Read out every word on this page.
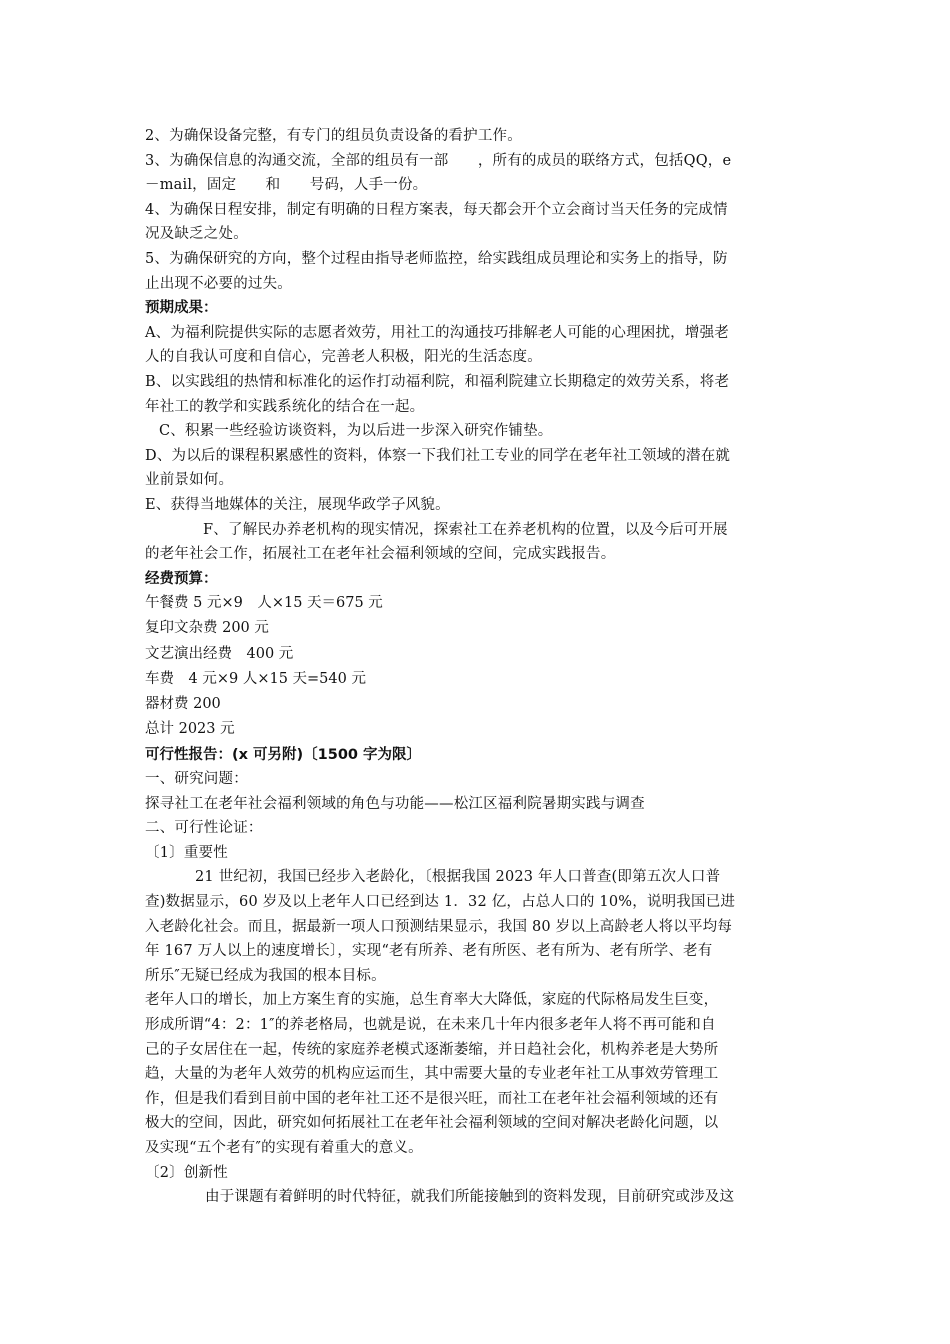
2、为确保设备完整，有专门的组员负责设备的看护工作。
3、为确保信息的沟通交流，全部的组员有一部　　，所有的成员的联络方式，包括QQ，e
－mail，固定　　和　　号码，人手一份。
4、为确保日程安排，制定有明确的日程方案表，每天都会开个立会商讨当天任务的完成情
况及缺乏之处。
5、为确保研究的方向，整个过程由指导老师监控，给实践组成员理论和实务上的指导，防
止出现不必要的过失。
预期成果：
A、为福利院提供实际的志愿者效劳，用社工的沟通技巧排解老人可能的心理困扰，增强老
人的自我认可度和自信心，完善老人积极，阳光的生活态度。
B、以实践组的热情和标准化的运作打动福利院，和福利院建立长期稳定的效劳关系，将老
年社工的教学和实践系统化的结合在一起。
C、积累一些经验访谈资料，为以后进一步深入研究作铺垫。
D、为以后的课程积累感性的资料，体察一下我们社工专业的同学在老年社工领域的潜在就
业前景如何。
E、获得当地媒体的关注，展现华政学子风貌。
F、了解民办养老机构的现实情况，探索社工在养老机构的位置，以及今后可开展
的老年社会工作，拓展社工在老年社会福利领域的空间，完成实践报告。
经费预算：
午餐费 5 元×9　人×15 天＝675 元
复印文杂费 200 元
文艺演出经费　400 元
车费　4 元×9 人×15 天=540 元
器材费 200
总计 2023 元
可行性报告：(x 可另附)〔1500 字为限〕
一、研究问题：
探寻社工在老年社会福利领域的角色与功能——松江区福利院暑期实践与调查
二、可行性论证：
〔1〕重要性
21 世纪初，我国已经步入老龄化，〔根据我国 2023 年人口普查(即第五次人口普
查)数据显示，60 岁及以上老年人口已经到达 1．32 亿，占总人口的 10%，说明我国已进
入老龄化社会。而且，据最新一项人口预测结果显示，我国 80 岁以上高龄老人将以平均每
年 167 万人以上的速度增长〕，实现“老有所养、老有所医、老有所为、老有所学、老有
所乐″无疑已经成为我国的根本目标。
老年人口的增长，加上方案生育的实施，总生育率大大降低，家庭的代际格局发生巨变，
形成所谓“4：2：1″的养老格局，也就是说，在未来几十年内很多老年人将不再可能和自
己的子女居住在一起，传统的家庭养老模式逐渐萎缩，并日趋社会化，机构养老是大势所
趋，大量的为老年人效劳的机构应运而生，其中需要大量的专业老年社工从事效劳管理工
作，但是我们看到目前中国的老年社工还不是很兴旺，而社工在老年社会福利领域的还有
极大的空间，因此，研究如何拓展社工在老年社会福利领域的空间对解决老龄化问题，以
及实现“五个老有″的实现有着重大的意义。
〔2〕创新性
由于课题有着鲜明的时代特征，就我们所能接触到的资料发现，目前研究或涉及这
